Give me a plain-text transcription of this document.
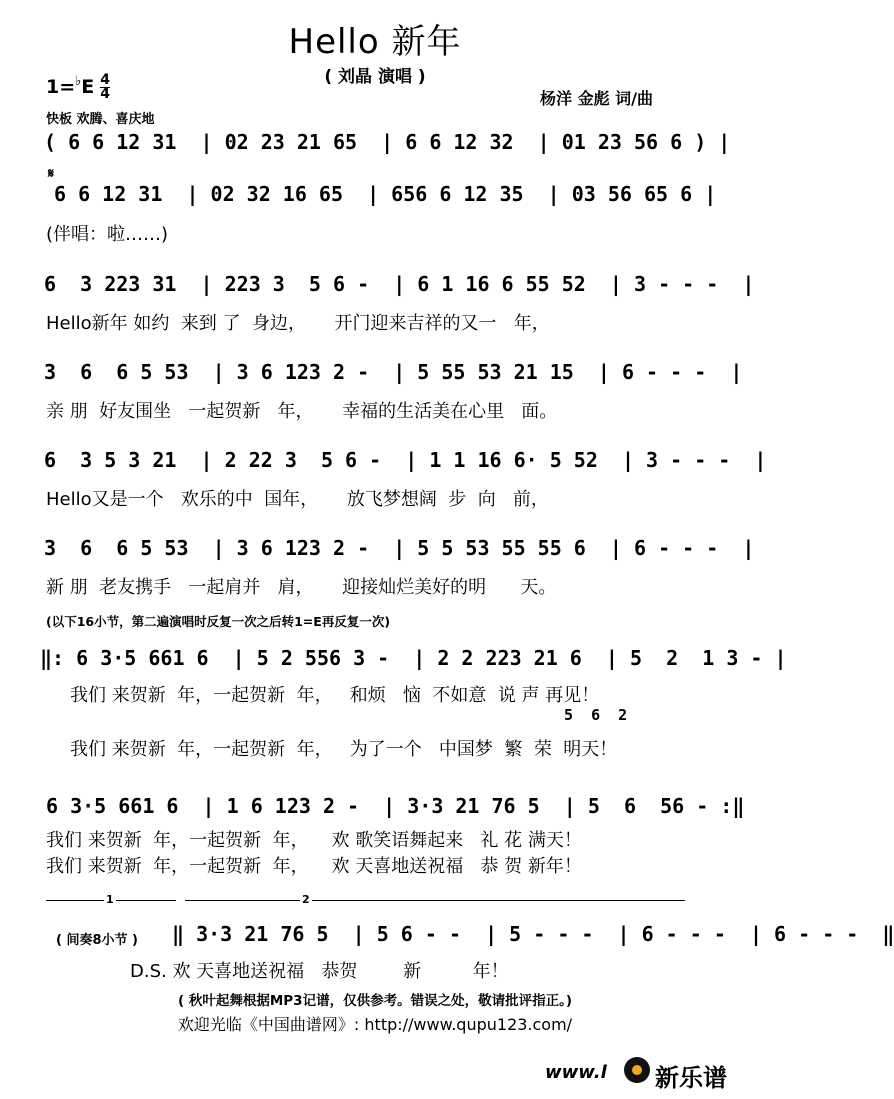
Hello 新年
( 刘晶 演唱 )
$1=^♭E \frac{4}{4}$	杨洋 金彪 词/曲
快板 欢腾、喜庆地
( 6 6 12 31  | 02 23 21 65  | 6 6 12 32  | 01 23 56 6 ) |
𝄋
6 6 12 31  | 02 32 16 65  | 656 6 12 35  | 03 56 65 6 |
(伴唱：啦……)
6  3 223 31  | 223 3  5 6 -  | 6 1 16 6 55 52  | 3 - - -  |
Hello新年 如约  来到 了  身边，     开门迎来吉祥的又一   年，
3  6  6 5 53  | 3 6 123 2 -  | 5 55 53 21 15  | 6 - - -  |
亲 朋  好友围坐   一起贺新   年，     幸福的生活美在心里   面。
6  3 5 3 21  | 2 22 3  5 6 -  | 1 1 16 6· 5 52  | 3 - - -  |
Hello又是一个   欢乐的中  国年，     放飞梦想阔  步  向   前，
3  6  6 5 53  | 3 6 123 2 -  | 5 5 53 55 55 6  | 6 - - -  |
新 朋  老友携手   一起肩并   肩，     迎接灿烂美好的明      天。
(以下16小节，第二遍演唱时反复一次之后转1=E再反复一次)
‖: 6 3·5 661 6  | 5 2 556 3 -  | 2 2 223 21 6  | 5  2  1 3 - |
我们 来贺新  年，一起贺新  年，   和烦   恼  不如意  说 声 再见！
5  6  2
我们 来贺新  年，一起贺新  年，   为了一个   中国梦  繁  荣  明天！
6 3·5 661 6  | 1 6 123 2 -  | 3·3 21 76 5  | 5  6  56 - :‖
我们 来贺新  年，一起贺新  年，    欢 歌笑语舞起来   礼 花 满天！
我们 来贺新  年，一起贺新  年，    欢 天喜地送祝福   恭 贺 新年！
1	2
( 间奏8小节 ) ‖ 3·3 21 76 5  | 5 6 - -  | 5 - - -  | 6 - - -  | 6 - - -  ‖
D.S. 欢 天喜地送祝福   恭贺        新         年！
( 秋叶起舞根据MP3记谱，仅供参考。错误之处，敬请批评指正。)
欢迎光临《中国曲谱网》: http://www.qupu123.com/
www.l 新乐谱
